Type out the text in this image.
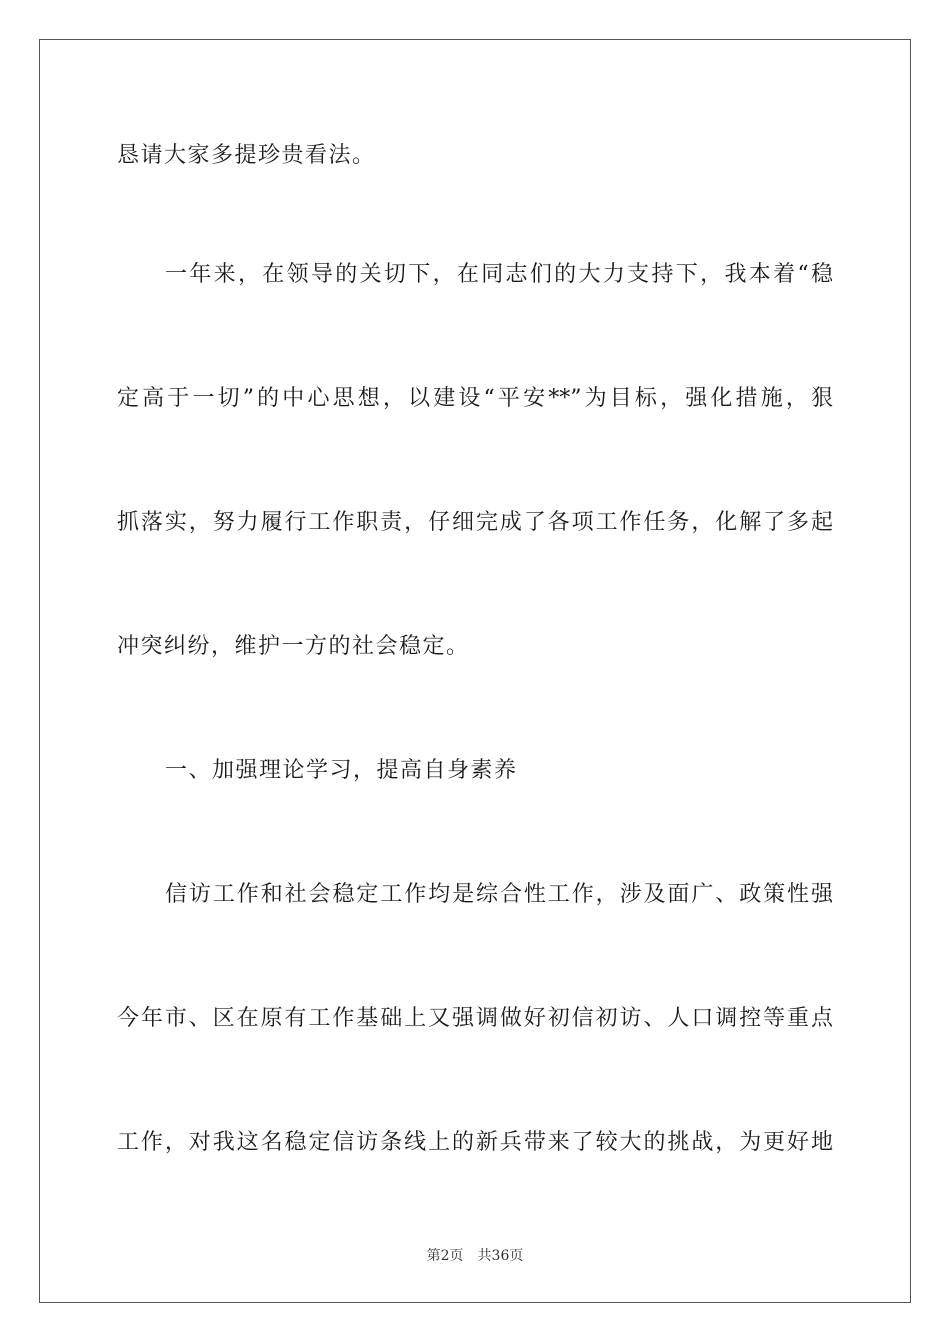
恳请大家多提珍贵看法。
一年来，在领导的关切下，在同志们的大力支持下，我本着“稳
定高于一切”的中心思想，以建设“平安**”为目标，强化措施，狠
抓落实，努力履行工作职责，仔细完成了各项工作任务，化解了多起
冲突纠纷，维护一方的社会稳定。
一、加强理论学习，提高自身素养
信访工作和社会稳定工作均是综合性工作，涉及面广、政策性强
今年市、区在原有工作基础上又强调做好初信初访、人口调控等重点
工作，对我这名稳定信访条线上的新兵带来了较大的挑战，为更好地
第2页 共36页
